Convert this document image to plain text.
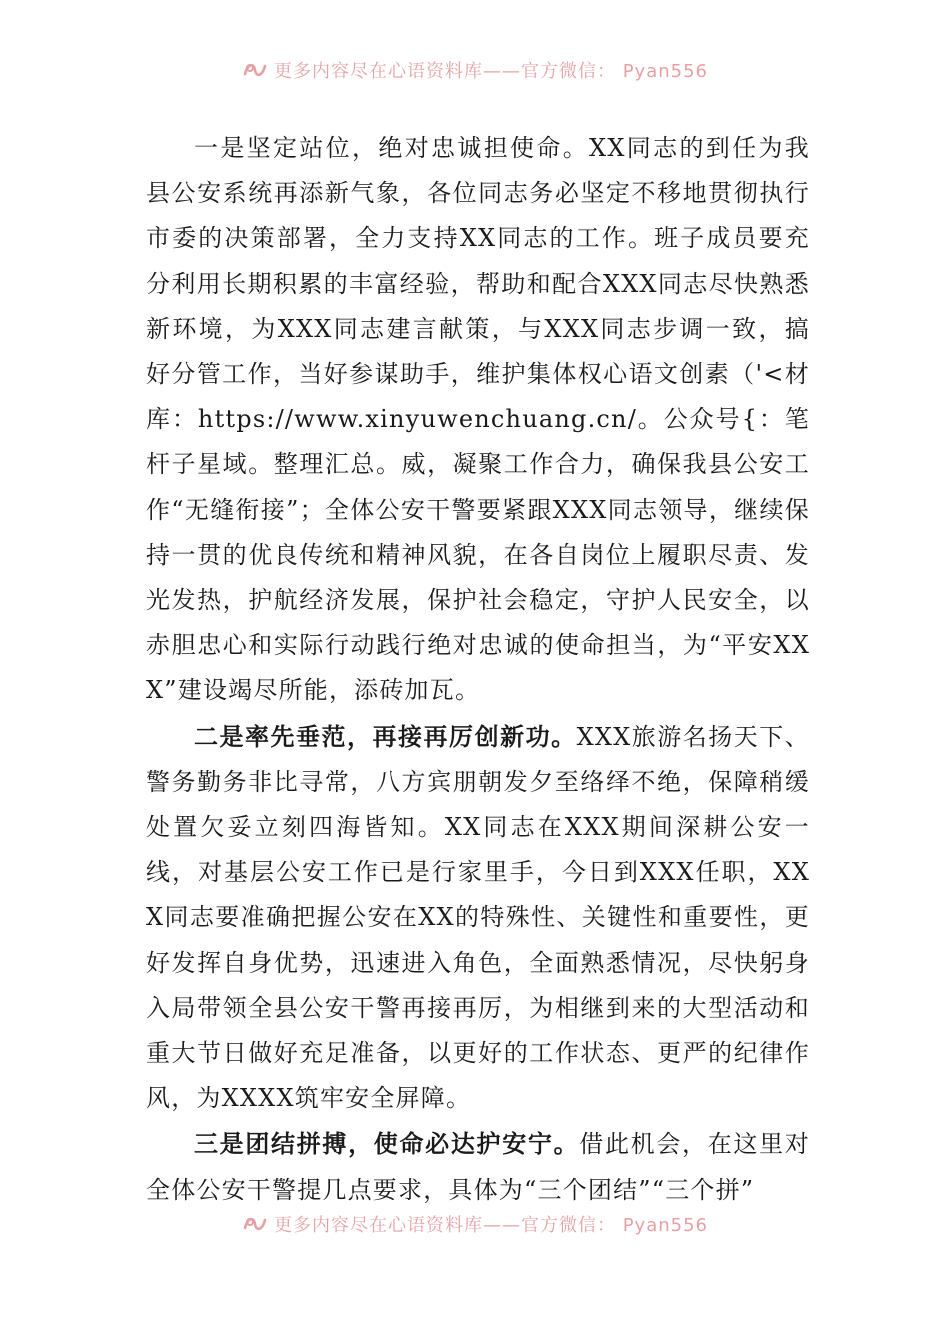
更多内容尽在心语资料库——官方微信： Pyan556

一是坚定站位，绝对忠诚担使命。XX同志的到任为我县公安系统再添新气象，各位同志务必坚定不移地贯彻执行市委的决策部署，全力支持XX同志的工作。班子成员要充分利用长期积累的丰富经验，帮助和配合XXX同志尽快熟悉新环境，为XXX同志建言献策，与XXX同志步调一致，搞好分管工作，当好参谋助手，维护集体权心语文创素（'<材库：https://www.xinyuwenchuang.cn/。公众号{：笔杆子星域。整理汇总。威，凝聚工作合力，确保我县公安工作“无缝衔接”；全体公安干警要紧跟XXX同志领导，继续保持一贯的优良传统和精神风貌，在各自岗位上履职尽责、发光发热，护航经济发展，保护社会稳定，守护人民安全，以赤胆忠心和实际行动践行绝对忠诚的使命担当，为“平安XXX”建设竭尽所能，添砖加瓦。

二是率先垂范，再接再厉创新功。XXX旅游名扬天下、警务勤务非比寻常，八方宾朋朝发夕至络绎不绝，保障稍缓处置欠妥立刻四海皆知。XX同志在XXX期间深耕公安一线，对基层公安工作已是行家里手，今日到XXX任职，XXX同志要准确把握公安在XX的特殊性、关键性和重要性，更好发挥自身优势，迅速进入角色，全面熟悉情况，尽快躬身入局带领全县公安干警再接再厉，为相继到来的大型活动和重大节日做好充足准备，以更好的工作状态、更严的纪律作风，为XXXX筑牢安全屏障。

三是团结拼搏，使命必达护安宁。借此机会，在这里对全体公安干警提几点要求，具体为“三个团结”“三个拼”

更多内容尽在心语资料库——官方微信： Pyan556
